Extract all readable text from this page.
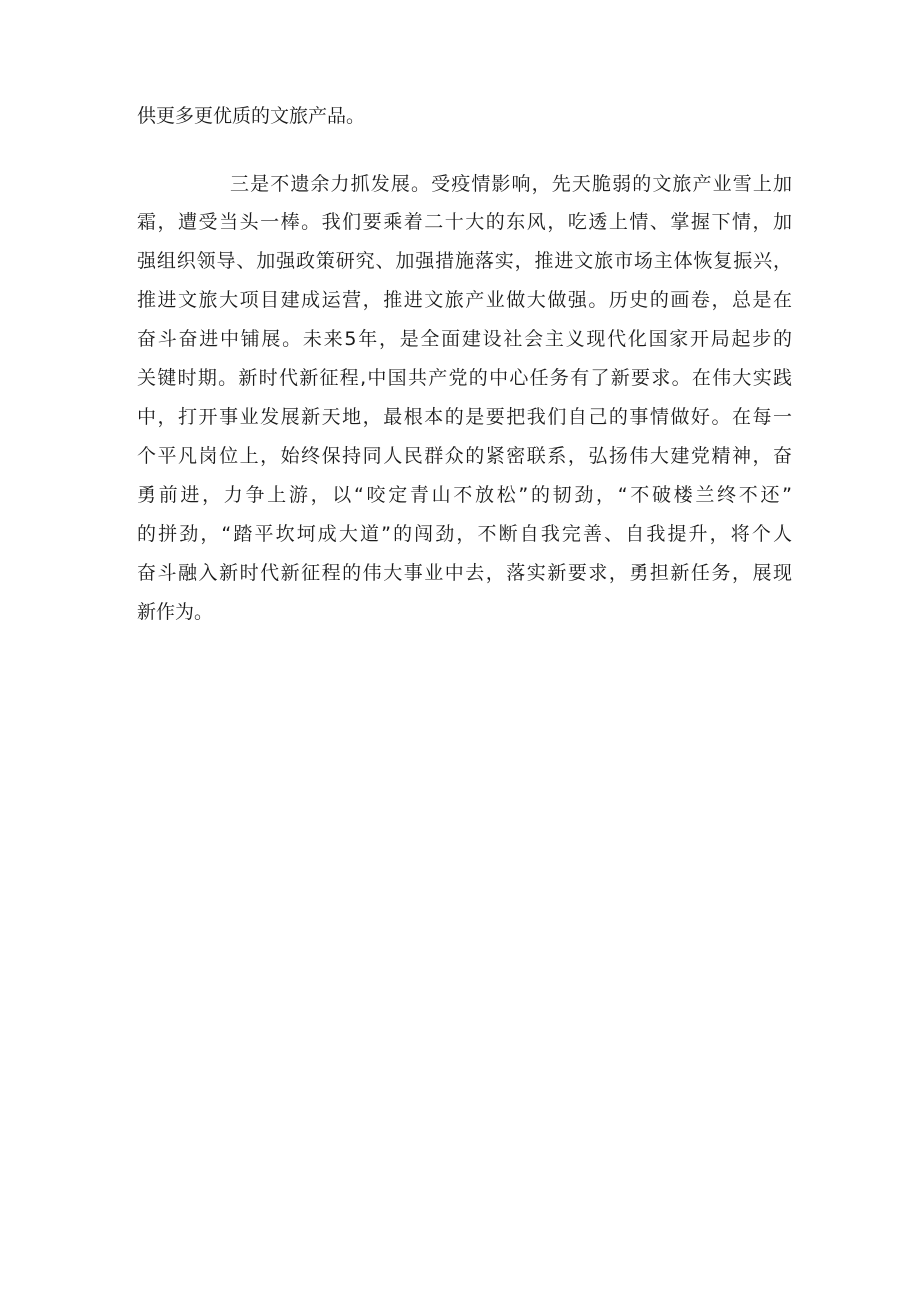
供更多更优质的文旅产品。
三是不遗余力抓发展。受疫情影响，先天脆弱的文旅产业雪上加
霜，遭受当头一棒。我们要乘着二十大的东风，吃透上情、掌握下情，加
强组织领导、加强政策研究、加强措施落实，推进文旅市场主体恢复振兴，
推进文旅大项目建成运营，推进文旅产业做大做强。历史的画卷，总是在
奋斗奋进中铺展。未来5年，是全面建设社会主义现代化国家开局起步的
关键时期。新时代新征程,中国共产党的中心任务有了新要求。在伟大实践
中，打开事业发展新天地，最根本的是要把我们自己的事情做好。在每一
个平凡岗位上，始终保持同人民群众的紧密联系，弘扬伟大建党精神，奋
勇前进，力争上游，以“咬定青山不放松”的韧劲，“不破楼兰终不还”
的拼劲，“踏平坎坷成大道”的闯劲，不断自我完善、自我提升，将个人
奋斗融入新时代新征程的伟大事业中去，落实新要求，勇担新任务，展现
新作为。
